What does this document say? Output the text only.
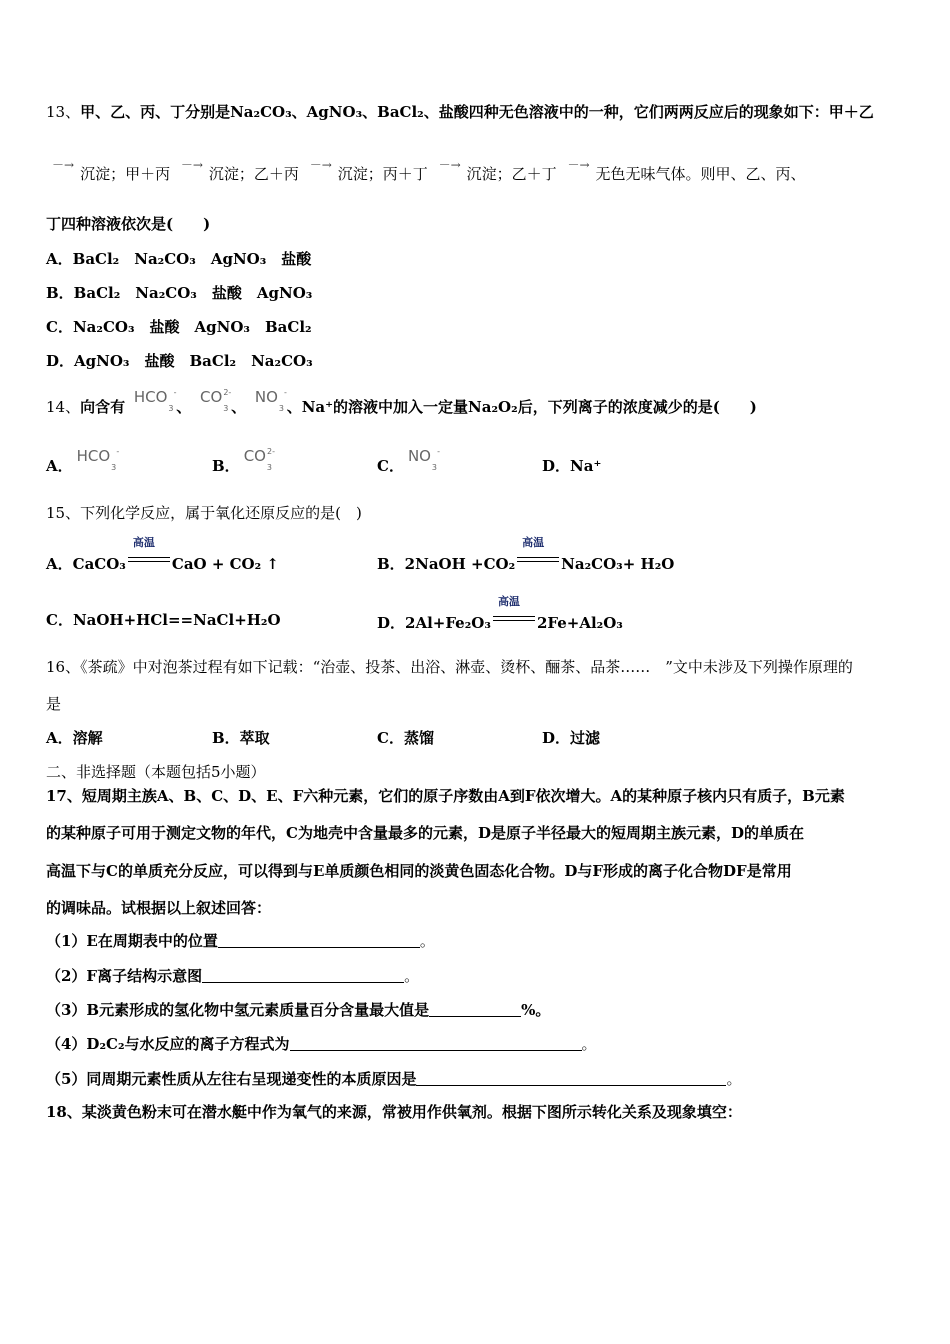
13、甲、乙、丙、丁分别是Na₂CO₃、AgNO₃、BaCl₂、盐酸四种无色溶液中的一种，它们两两反应后的现象如下：甲＋乙
－→ 沉淀；甲＋丙 －→ 沉淀；乙＋丙 －→ 沉淀；丙＋丁 －→ 沉淀；乙＋丁 －→ 无色无味气体。则甲、乙、丙、
丁四种溶液依次是(　　)
A．BaCl₂　Na₂CO₃　AgNO₃　盐酸
B．BaCl₂　Na₂CO₃　盐酸　AgNO₃
C．Na₂CO₃　盐酸　AgNO₃　BaCl₂
D．AgNO₃　盐酸　BaCl₂　Na₂CO₃
14、向含有 HCO
3
-
、 CO
3
2-
、 NO
3
-
、Na⁺的溶液中加入一定量Na₂O₂后，下列离子的浓度减少的是(　　)
A．HCO
3
-
B．CO
3
2-
C．NO
3
-
D．Na⁺
15、下列化学反应，属于氧化还原反应的是(　)
A．CaCO₃
高温
CaO + CO₂ ↑	B．2NaOH +CO₂
高温
Na₂CO₃+ H₂O
C．NaOH+HCl==NaCl+H₂O	D．2Al+Fe₂O₃
高温
2Fe+Al₂O₃
16、《茶疏》中对泡茶过程有如下记载：“治壶、投茶、出浴、淋壶、烫杯、酾茶、品茶……　”文中未涉及下列操作原理的
是
A．溶解	B．萃取	C．蒸馏	D．过滤
二、非选择题（本题包括5小题）
17、短周期主族A、B、C、D、E、F六种元素，它们的原子序数由A到F依次增大。A的某种原子核内只有质子，B元素
的某种原子可用于测定文物的年代，C为地壳中含量最多的元素，D是原子半径最大的短周期主族元素，D的单质在
高温下与C的单质充分反应，可以得到与E单质颜色相同的淡黄色固态化合物。D与F形成的离子化合物DF是常用
的调味品。试根据以上叙述回答：
（1）E在周期表中的位置	。
（2）F离子结构示意图	。
（3）B元素形成的氢化物中氢元素质量百分含量最大值是	%。
（4）D₂C₂与水反应的离子方程式为	。
（5）同周期元素性质从左往右呈现递变性的本质原因是	。
18、某淡黄色粉末可在潜水艇中作为氧气的来源，常被用作供氧剂。根据下图所示转化关系及现象填空：
